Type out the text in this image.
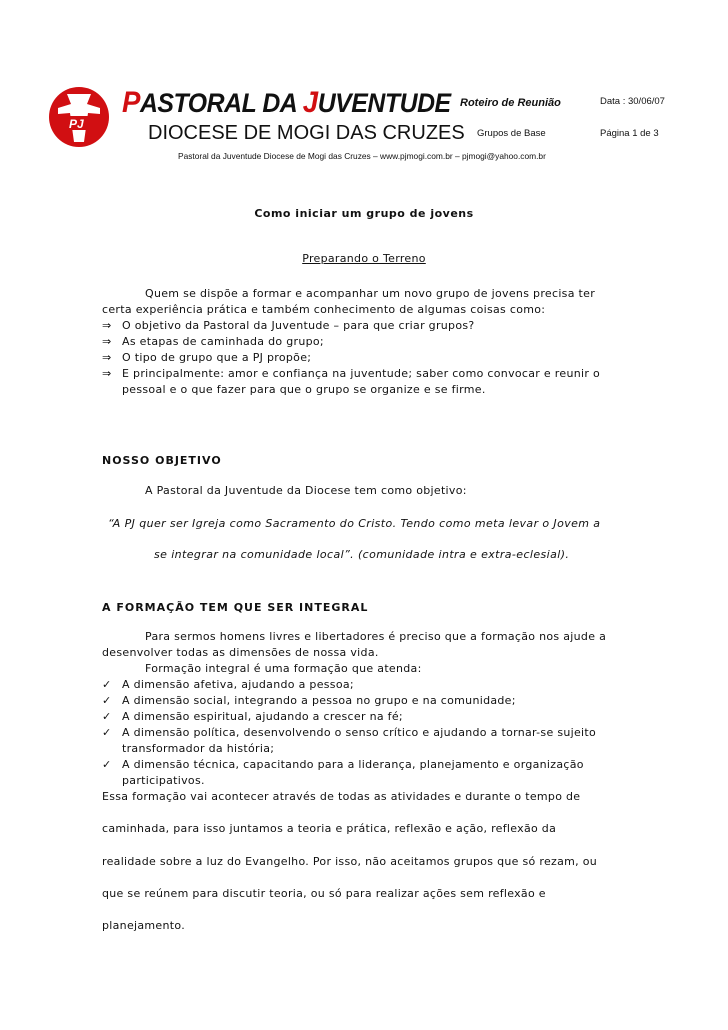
PJ
PASTORAL DA JUVENTUDE
DIOCESE DE MOGI DAS CRUZES
Pastoral da Juventude Diocese de Mogi das Cruzes – www.pjmogi.com.br – pjmogi@yahoo.com.br
Roteiro de Reunião	Data : 30/06/07
Grupos de Base	Página 1 de 3
Como iniciar um grupo de jovens
Preparando o Terreno
Quem se dispõe a formar e acompanhar um novo grupo de jovens precisa ter
certa experiência prática e também conhecimento de algumas coisas como:
⇒ O objetivo da Pastoral da Juventude – para que criar grupos?
⇒ As etapas de caminhada do grupo;
⇒ O tipo de grupo que a PJ propõe;
⇒ E principalmente: amor e confiança na juventude; saber como convocar e reunir o
pessoal e o que fazer para que o grupo se organize e se firme.
NOSSO OBJETIVO
A Pastoral da Juventude da Diocese tem como objetivo:
“A PJ quer ser Igreja como Sacramento do Cristo. Tendo como meta levar o Jovem a
se integrar na comunidade local”. (comunidade intra e extra-eclesial).
A FORMAÇÃO TEM QUE SER INTEGRAL
Para sermos homens livres e libertadores é preciso que a formação nos ajude a
desenvolver todas as dimensões de nossa vida.
Formação integral é uma formação que atenda:
✓ A dimensão afetiva, ajudando a pessoa;
✓ A dimensão social, integrando a pessoa no grupo e na comunidade;
✓ A dimensão espiritual, ajudando a crescer na fé;
✓ A dimensão política, desenvolvendo o senso crítico e ajudando a tornar-se sujeito
transformador da história;
✓ A dimensão técnica, capacitando para a liderança, planejamento e organização
participativos.
Essa formação vai acontecer através de todas as atividades e durante o tempo de
caminhada, para isso juntamos a teoria e prática, reflexão e ação, reflexão da
realidade sobre a luz do Evangelho. Por isso, não aceitamos grupos que só rezam, ou
que se reúnem para discutir teoria, ou só para realizar ações sem reflexão e
planejamento.
